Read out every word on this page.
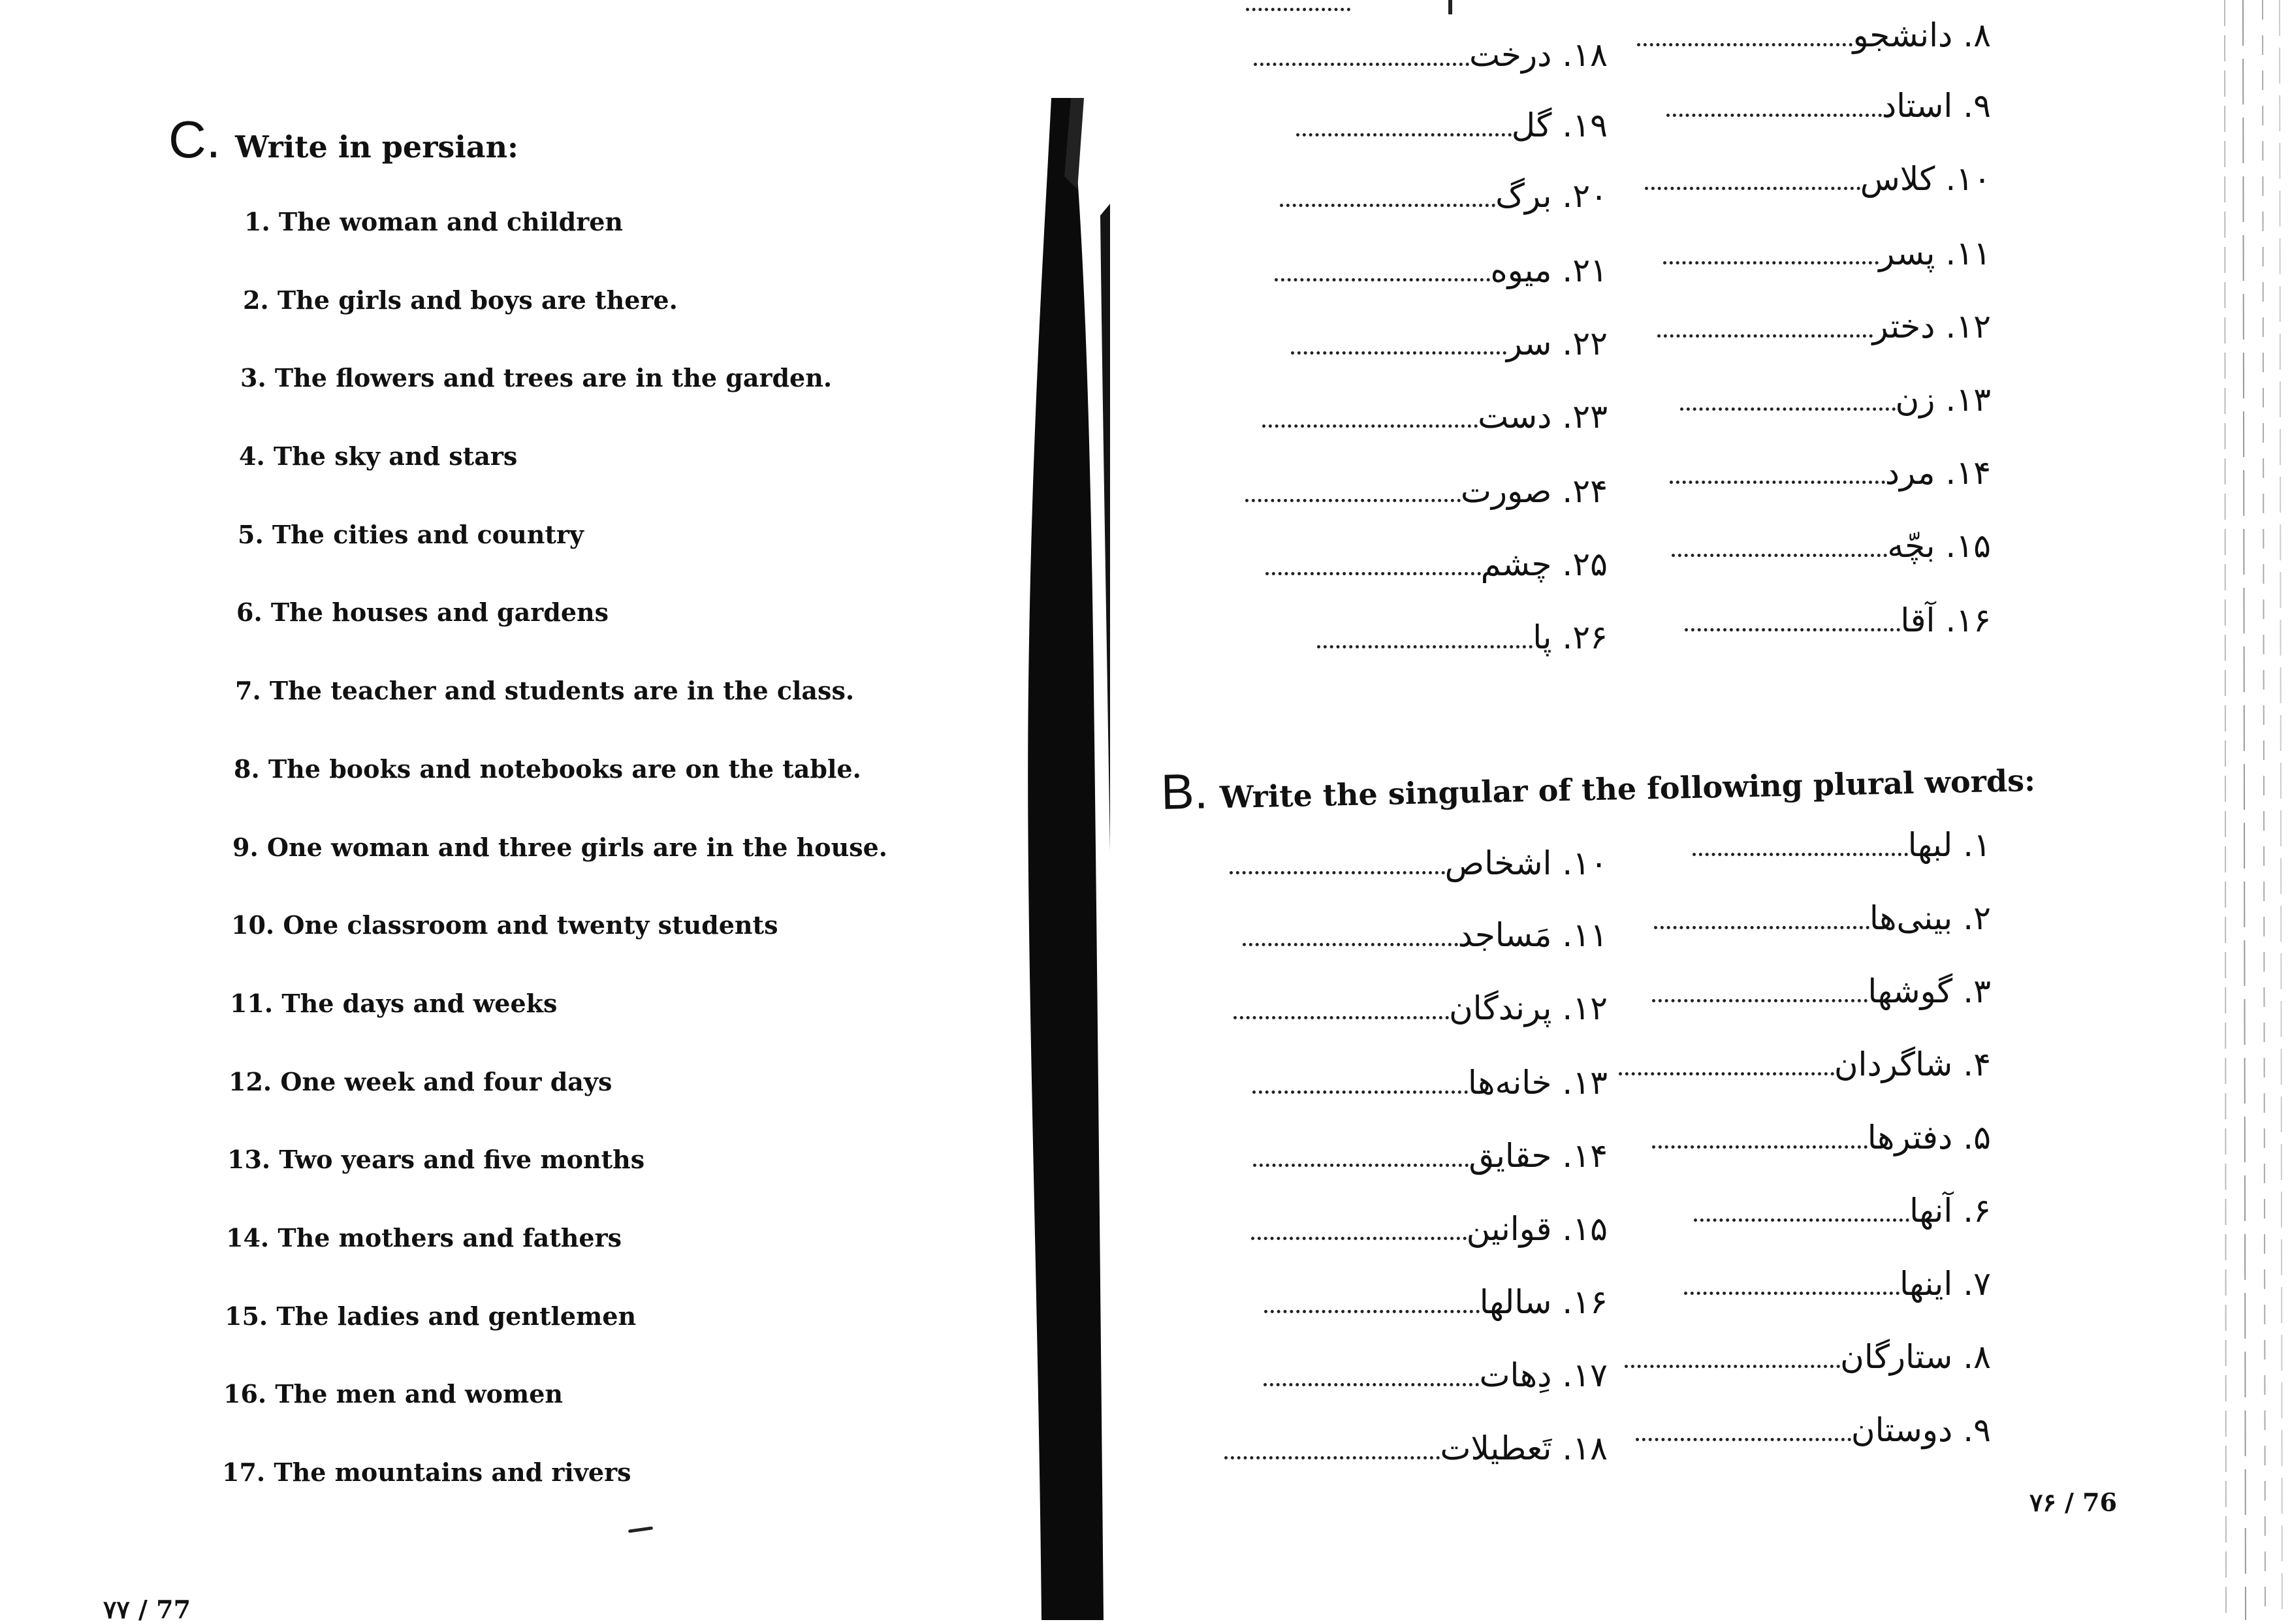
C. Write in persian:
1. The woman and children
2. The girls and boys are there.
3. The flowers and trees are in the garden.
4. The sky and stars
5. The cities and country
6. The houses and gardens
7. The teacher and students are in the class.
8. The books and notebooks are on the table.
9. One woman and three girls are in the house.
10. One classroom and twenty students
11. The days and weeks
12. One week and four days
13. Two years and five months
14. The mothers and fathers
15. The ladies and gentlemen
16. The men and women
17. The mountains and rivers
۷۷ / 77
۸.دانشجو
۹.استاد
۱۰.کلاس
۱۱.پسر
۱۲.دختر
۱۳.زن
۱۴.مرد
۱۵.بچّه
۱۶.آقا
۱۸.درخت
۱۹.گل
۲۰.برگ
۲۱.میوه
۲۲.سر
۲۳.دست
۲۴.صورت
۲۵.چشم
۲۶.پا
B. Write the singular of the following plural words:
۱.لبها
۲.بینی‌ها
۳.گوشها
۴.شاگردان
۵.دفترها
۶.آنها
۷.اینها
۸.ستارگان
۹.دوستان
۱۰.اشخاص
۱۱.مَساجد
۱۲.پرندگان
۱۳.خانه‌ها
۱۴.حقایق
۱۵.قوانین
۱۶.سالها
۱۷.دِهات
۱۸.تَعطیلات
۷۶ / 76
